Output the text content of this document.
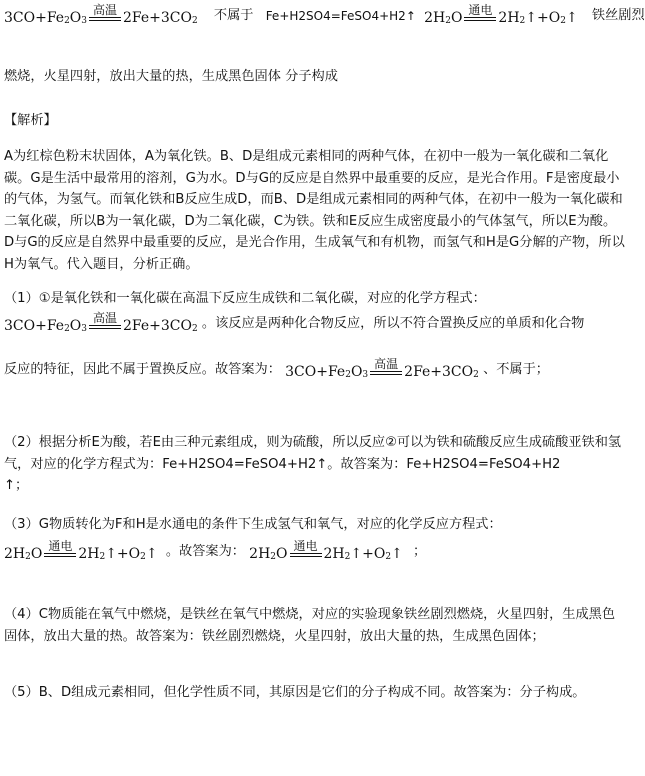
$3CO+Fe_2$ $O_3$
高温 $2Fe+3CO_2$ 不属于 Fe+H2SO4=FeSO4+H2↑ $2H_2$ O 通电 $2H_2$ $↑+O_2$ ↑ 铁丝剧烈
燃烧，火星四射，放出大量的热，生成黑色固体 分子构成
【解析】
A为红棕色粉末状固体，A为氧化铁。B、D是组成元素相同的两种气体，在初中一般为一氧化碳和二氧化碳。G是生活中最常用的溶剂，G为水。D与G的反应是自然界中最重要的反应，是光合作用。F是密度最小的气体，为氢气。而氧化铁和B反应生成D，而B、D是组成元素相同的两种气体，在初中一般为一氧化碳和二氧化碳，所以B为一氧化碳，D为二氧化碳，C为铁。铁和E反应生成密度最小的气体氢气，所以E为酸。D与G的反应是自然界中最重要的反应，是光合作用，生成氧气和有机物，而氢气和H是G分解的产物，所以H为氧气。代入题目，分析正确。
（1）①是氧化铁和一氧化碳在高温下反应生成铁和二氧化碳，对应的化学方程式：
$3CO+Fe_2$ $O_3$
高温 $2Fe+3CO_2$ 。该反应是两种化合物反应，所以不符合置换反应的单质和化合物
反应的特征，因此不属于置换反应。故答案为： $3CO+Fe_2$ $O_3$
高温 $2Fe+3CO_2$ 、不属于；
（2）根据分析E为酸，若E由三种元素组成，则为硫酸，所以反应②可以为铁和硫酸反应生成硫酸亚铁和氢气，对应的化学方程式为：Fe+H2SO4=FeSO4+H2↑。故答案为：Fe+H2SO4=FeSO4+H2
↑；
（3）G物质转化为F和H是水通电的条件下生成氢气和氧气，对应的化学反应方程式：
$2H_2$ O 通电 $2H_2$ $↑+O_2$ ↑ 。故答案为： $2H_2$ O 通电 $2H_2$ $↑+O_2$ ↑ ；
（4）C物质能在氧气中燃烧，是铁丝在氧气中燃烧，对应的实验现象铁丝剧烈燃烧，火星四射，生成黑色固体，放出大量的热。故答案为：铁丝剧烈燃烧，火星四射，放出大量的热，生成黑色固体；
（5）B、D组成元素相同，但化学性质不同，其原因是它们的分子构成不同。故答案为：分子构成。
